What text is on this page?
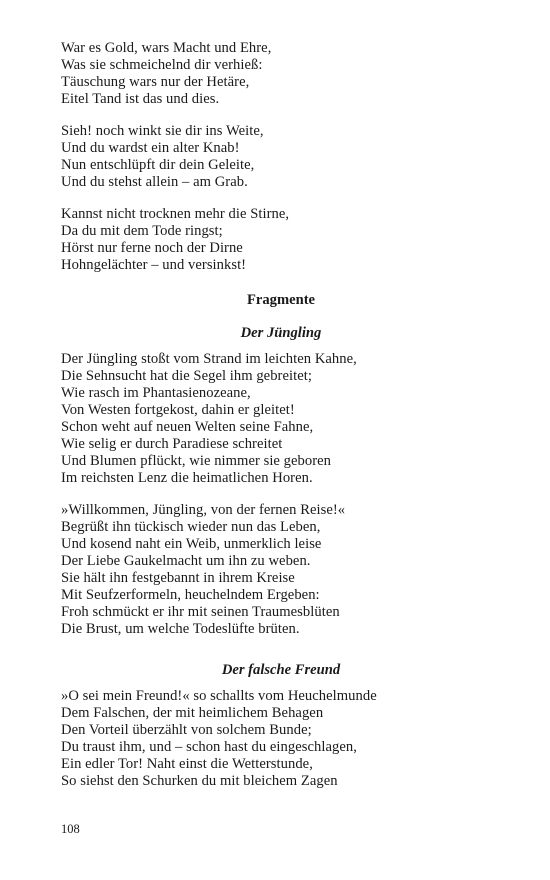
War es Gold, wars Macht und Ehre,
Was sie schmeichelnd dir verhieß:
Täuschung wars nur der Hetäre,
Eitel Tand ist das und dies.
Sieh! noch winkt sie dir ins Weite,
Und du wardst ein alter Knab!
Nun entschlüpft dir dein Geleite,
Und du stehst allein – am Grab.
Kannst nicht trocknen mehr die Stirne,
Da du mit dem Tode ringst;
Hörst nur ferne noch der Dirne
Hohngelächter – und versinkst!
Fragmente
Der Jüngling
Der Jüngling stoßt vom Strand im leichten Kahne,
Die Sehnsucht hat die Segel ihm gebreitet;
Wie rasch im Phantasienozeane,
Von Westen fortgekost, dahin er gleitet!
Schon weht auf neuen Welten seine Fahne,
Wie selig er durch Paradiese schreitet
Und Blumen pflückt, wie nimmer sie geboren
Im reichsten Lenz die heimatlichen Horen.
»Willkommen, Jüngling, von der fernen Reise!«
Begrüßt ihn tückisch wieder nun das Leben,
Und kosend naht ein Weib, unmerklich leise
Der Liebe Gaukelmacht um ihn zu weben.
Sie hält ihn festgebannt in ihrem Kreise
Mit Seufzerformeln, heuchelndem Ergeben:
Froh schmückt er ihr mit seinen Traumesblüten
Die Brust, um welche Todeslüfte brüten.
Der falsche Freund
»O sei mein Freund!« so schallts vom Heuchelmunde
Dem Falschen, der mit heimlichem Behagen
Den Vorteil überzählt von solchem Bunde;
Du traust ihm, und – schon hast du eingeschlagen,
Ein edler Tor! Naht einst die Wetterstunde,
So siehst den Schurken du mit bleichem Zagen
108
